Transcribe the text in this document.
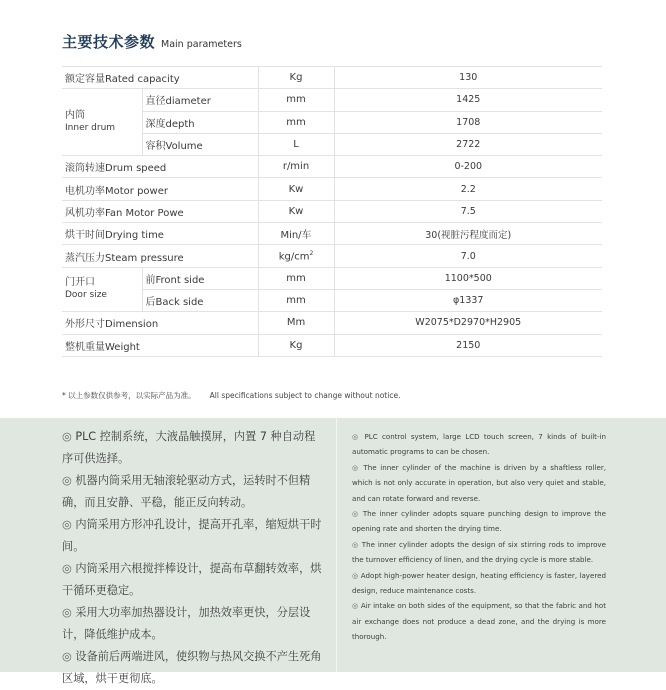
主要技术参数 Main parameters
额定容量Rated capacity		Kg	130

内筒
Inner drum	直径diameter	mm	1425
	深度depth	mm	1708
	容积Volume	L	2722
滚筒转速Drum speed		r/min	0-200
电机功率Motor power		Kw	2.2
风机功率Fan Motor Powe		Kw	7.5
烘干时间Drying time		Min/车	30(视脏污程度而定)
蒸汽压力Steam pressure		$kg/cm^2$	7.0

门开口
Door size	前Front side	mm	1100*500
	后Back side	mm	φ1337
外形尺寸Dimension		Mm	W2075*D2970*H2905
整机重量Weight		Kg	2150
* 以上参数仅供参考，以实际产品为准。 All specifications subject to change without notice.

◎ PLC 控制系统，大液晶触摸屏，内置 7 种自动程序可供选择。

◎ 机器内筒采用无轴滚轮驱动方式，运转时不但精确，而且安静、平稳，能正反向转动。

◎ 内筒采用方形冲孔设计，提高开孔率，缩短烘干时间。

◎ 内筒采用六根搅拌棒设计，提高布草翻转效率，烘干循环更稳定。

◎ 采用大功率加热器设计，加热效率更快，分层设计，降低维护成本。

◎ 设备前后两端进风，使织物与热风交换不产生死角区域，烘干更彻底。

◎ PLC control system, large LCD touch screen, 7 kinds of built-in automatic programs to can be chosen.

◎ The inner cylinder of the machine is driven by a shaftless roller, which is not only accurate in operation, but also very quiet and stable, and can rotate forward and reverse.

◎ The inner cylinder adopts square punching design to improve the opening rate and shorten the drying time.

◎ The inner cylinder adopts the design of six stirring rods to improve the turnover efficiency of linen, and the drying cycle is more stable.

◎ Adopt high-power heater design, heating efficiency is faster, layered design, reduce maintenance costs.

◎ Air intake on both sides of the equipment, so that the fabric and hot air exchange does not produce a dead zone, and the drying is more thorough.
